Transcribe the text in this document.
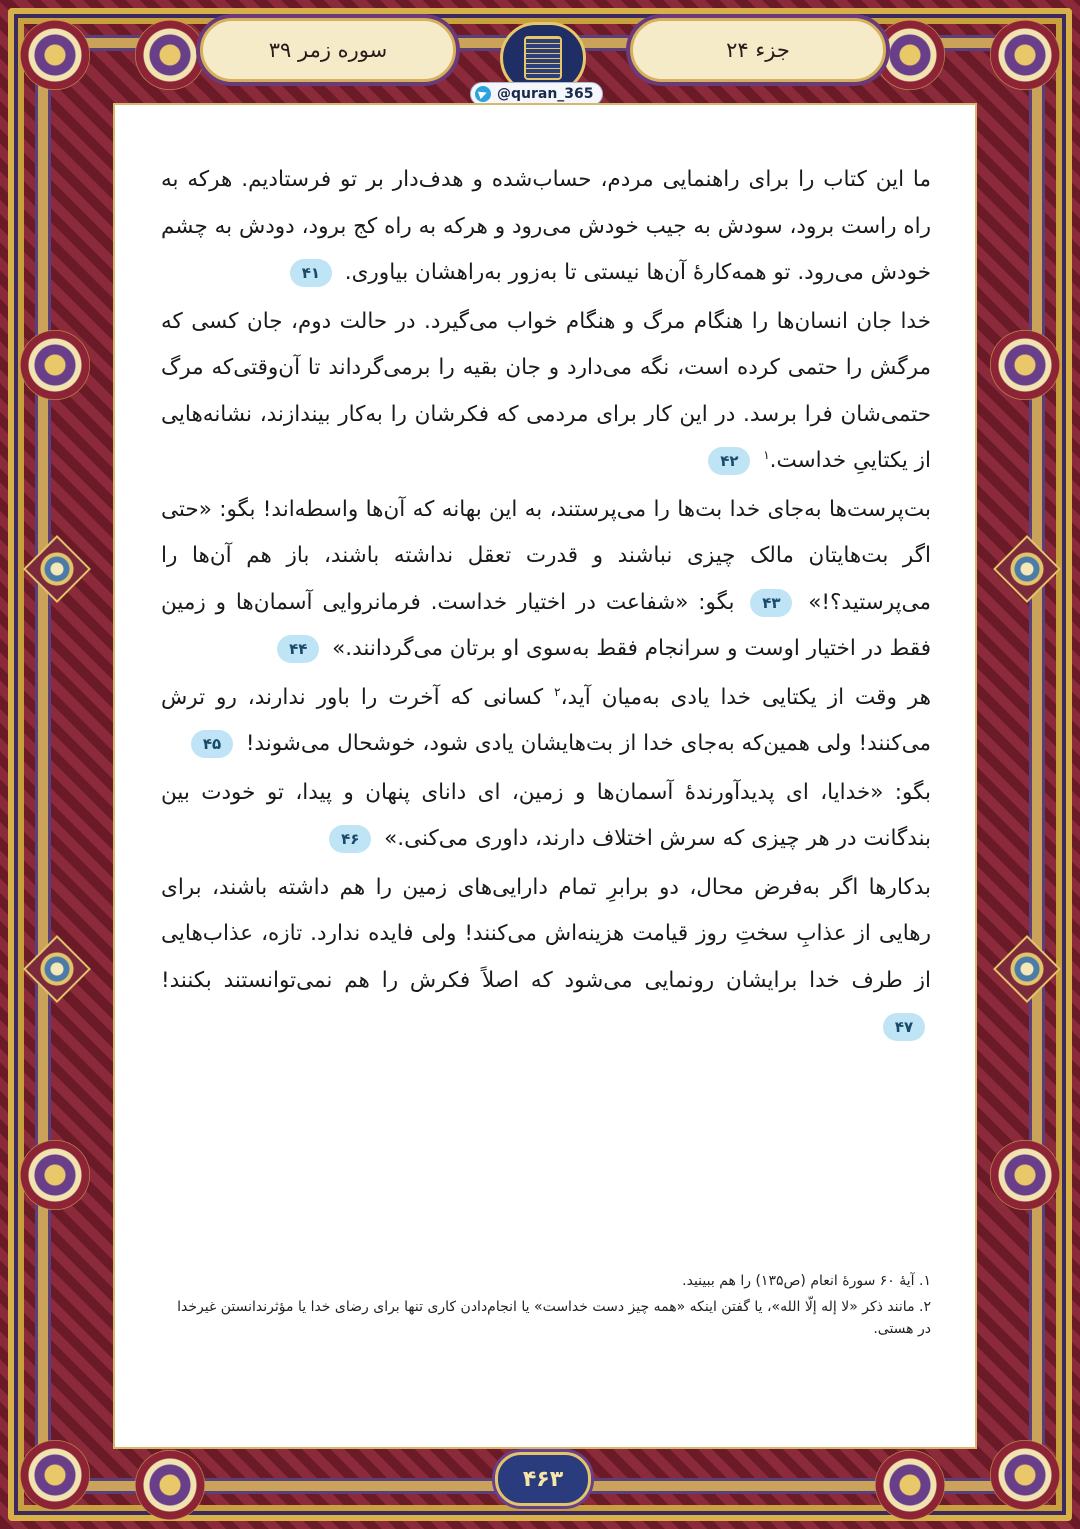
جزء ۲۴
سوره زمر ۳۹
@quran_365

ما این کتاب را برای راهنمایی مردم، حساب‌شده و هدف‌دار بر تو فرستادیم. هرکه به راه راست برود، سودش به جیب خودش می‌رود و هرکه به راه کج برود، دودش به چشم خودش می‌رود. تو همه‌کارهٔ آن‌ها نیستی تا به‌زور به‌راهشان بیاوری. ۴۱

خدا جان انسان‌ها را هنگام مرگ و هنگام خواب می‌گیرد. در حالت دوم، جان کسی که مرگش را حتمی کرده است، نگه می‌دارد و جان بقیه را برمی‌گرداند تا آن‌وقتی‌که مرگ حتمی‌شان فرا برسد. در این کار برای مردمی که فکرشان را به‌کار بیندازند، نشانه‌هایی از یکتاییِ خداست.$^۱$ ۴۲

بت‌پرست‌ها به‌جای خدا بت‌ها را می‌پرستند، به این بهانه که آن‌ها واسطه‌اند! بگو: «حتی اگر بت‌هایتان مالک چیزی نباشند و قدرت تعقل نداشته باشند، باز هم آن‌ها را می‌پرستید؟!» ۴۳ بگو: «شفاعت در اختیار خداست. فرمانروایی آسمان‌ها و زمین فقط در اختیار اوست و سرانجام فقط به‌سوی او برتان می‌گردانند.» ۴۴

هر وقت از یکتایی خدا یادی به‌میان آید،$^۲$ کسانی که آخرت را باور ندارند، رو ترش می‌کنند! ولی همین‌که به‌جای خدا از بت‌هایشان یادی شود، خوشحال می‌شوند! ۴۵

بگو: «خدایا، ای پدیدآورندهٔ آسمان‌ها و زمین، ای دانای پنهان و پیدا، تو خودت بین بندگانت در هر چیزی که سرش اختلاف دارند، داوری می‌کنی.» ۴۶

بدکارها اگر به‌فرض محال، دو برابرِ تمام دارایی‌های زمین را هم داشته باشند، برای رهایی از عذابِ سختِ روز قیامت هزینه‌اش می‌کنند! ولی فایده ندارد. تازه، عذاب‌هایی از طرف خدا برایشان رونمایی می‌شود که اصلاً فکرش را هم نمی‌توانستند بکنند! ۴۷

۱. آیهٔ ۶۰ سورهٔ انعام (ص۱۳۵) را هم ببینید.
۲. مانند ذکر «لا إله إلّا الله»، یا گفتن اینکه «همه چیز دست خداست» یا انجام‌دادن کاری تنها برای رضای خدا یا مؤثرندانستن غیرخدا در هستی.
۴۶۳
